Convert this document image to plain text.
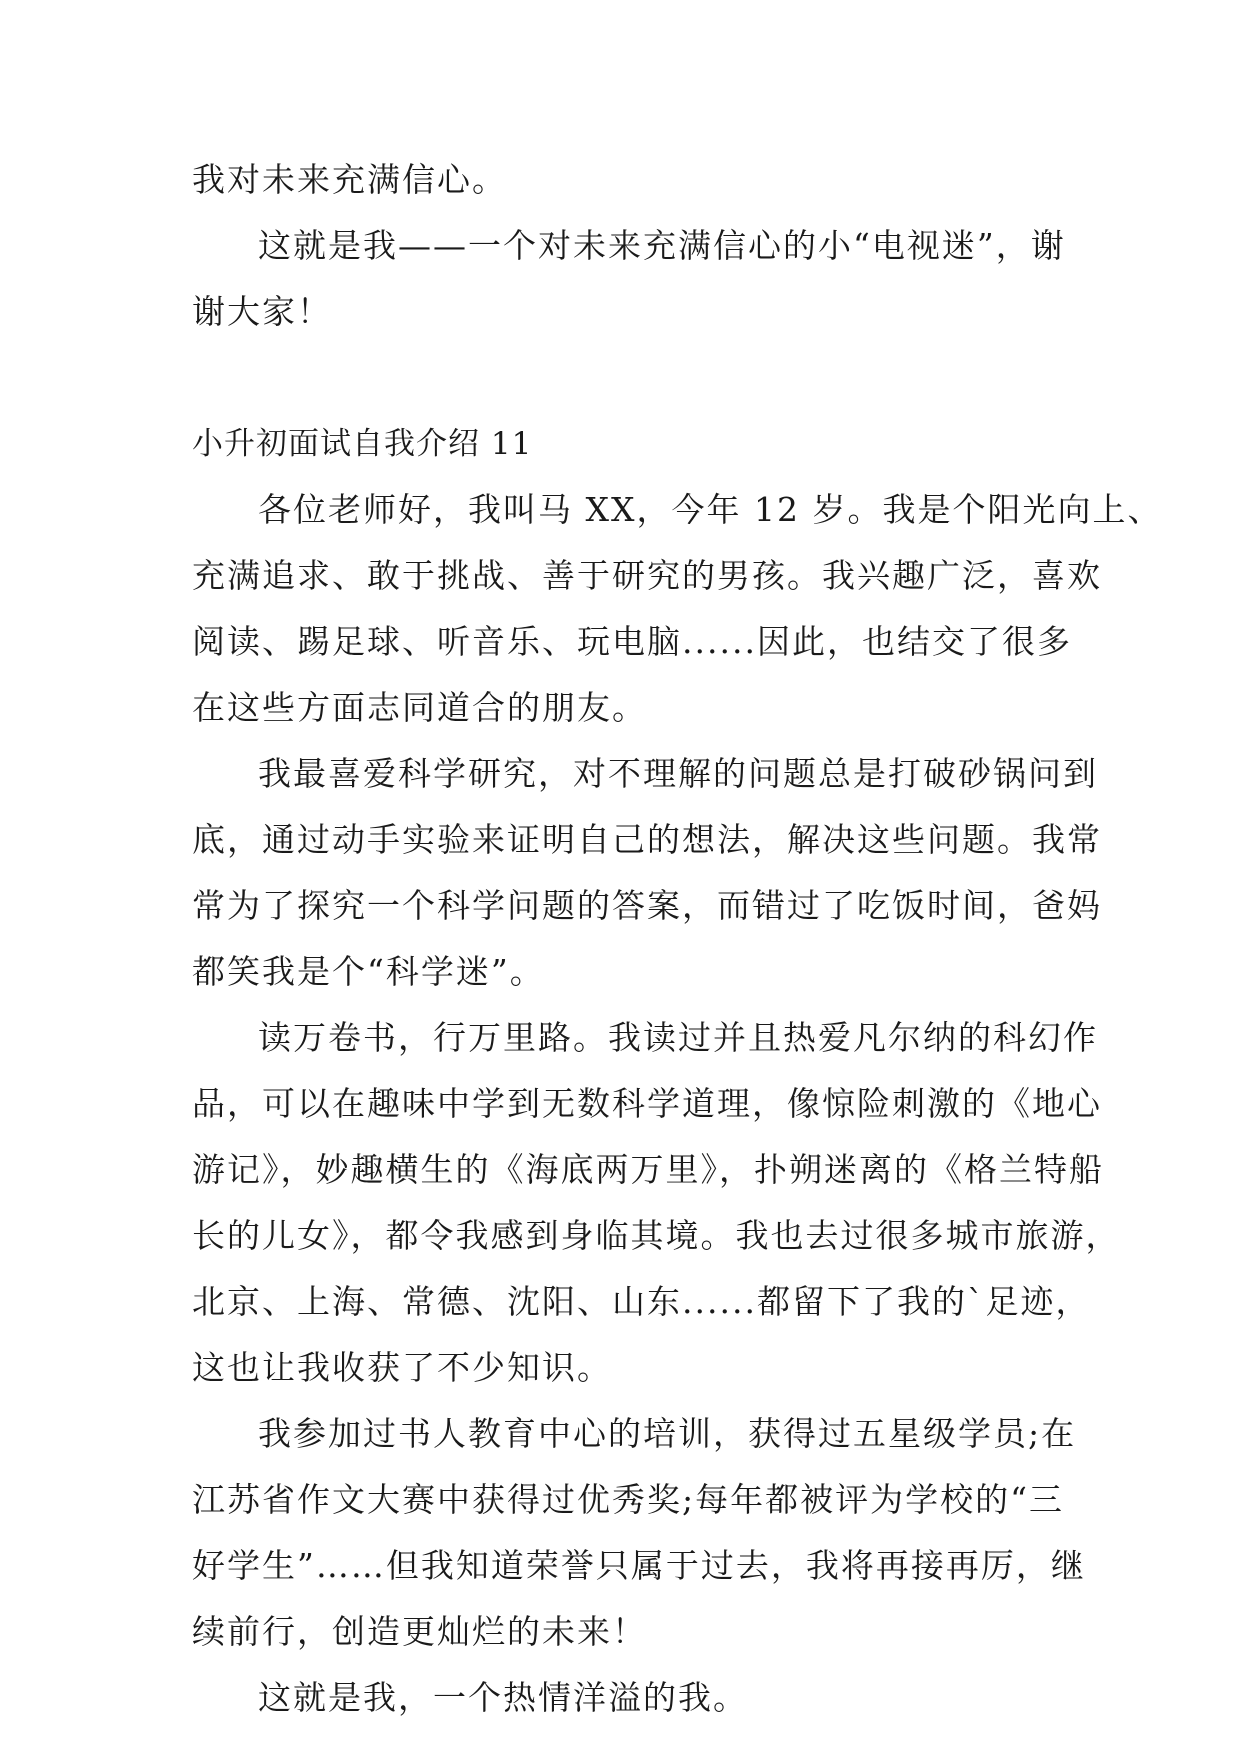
我对未来充满信心。
这就是我——一个对未来充满信心的小“电视迷”，谢
谢大家！
小升初面试自我介绍 11
各位老师好，我叫马 XX，今年 12 岁。我是个阳光向上、
充满追求、敢于挑战、善于研究的男孩。我兴趣广泛，喜欢
阅读、踢足球、听音乐、玩电脑......因此，也结交了很多
在这些方面志同道合的朋友。
我最喜爱科学研究，对不理解的问题总是打破砂锅问到
底，通过动手实验来证明自己的想法，解决这些问题。我常
常为了探究一个科学问题的答案，而错过了吃饭时间，爸妈
都笑我是个“科学迷”。
读万卷书，行万里路。我读过并且热爱凡尔纳的科幻作
品，可以在趣味中学到无数科学道理，像惊险刺激的《地心
游记》，妙趣横生的《海底两万里》，扑朔迷离的《格兰特船
长的儿女》，都令我感到身临其境。我也去过很多城市旅游，
北京、上海、常德、沈阳、山东......都留下了我的`足迹，
这也让我收获了不少知识。
我参加过书人教育中心的培训，获得过五星级学员;在
江苏省作文大赛中获得过优秀奖;每年都被评为学校的“三
好学生”……但我知道荣誉只属于过去，我将再接再厉，继
续前行，创造更灿烂的未来！
这就是我，一个热情洋溢的我。
